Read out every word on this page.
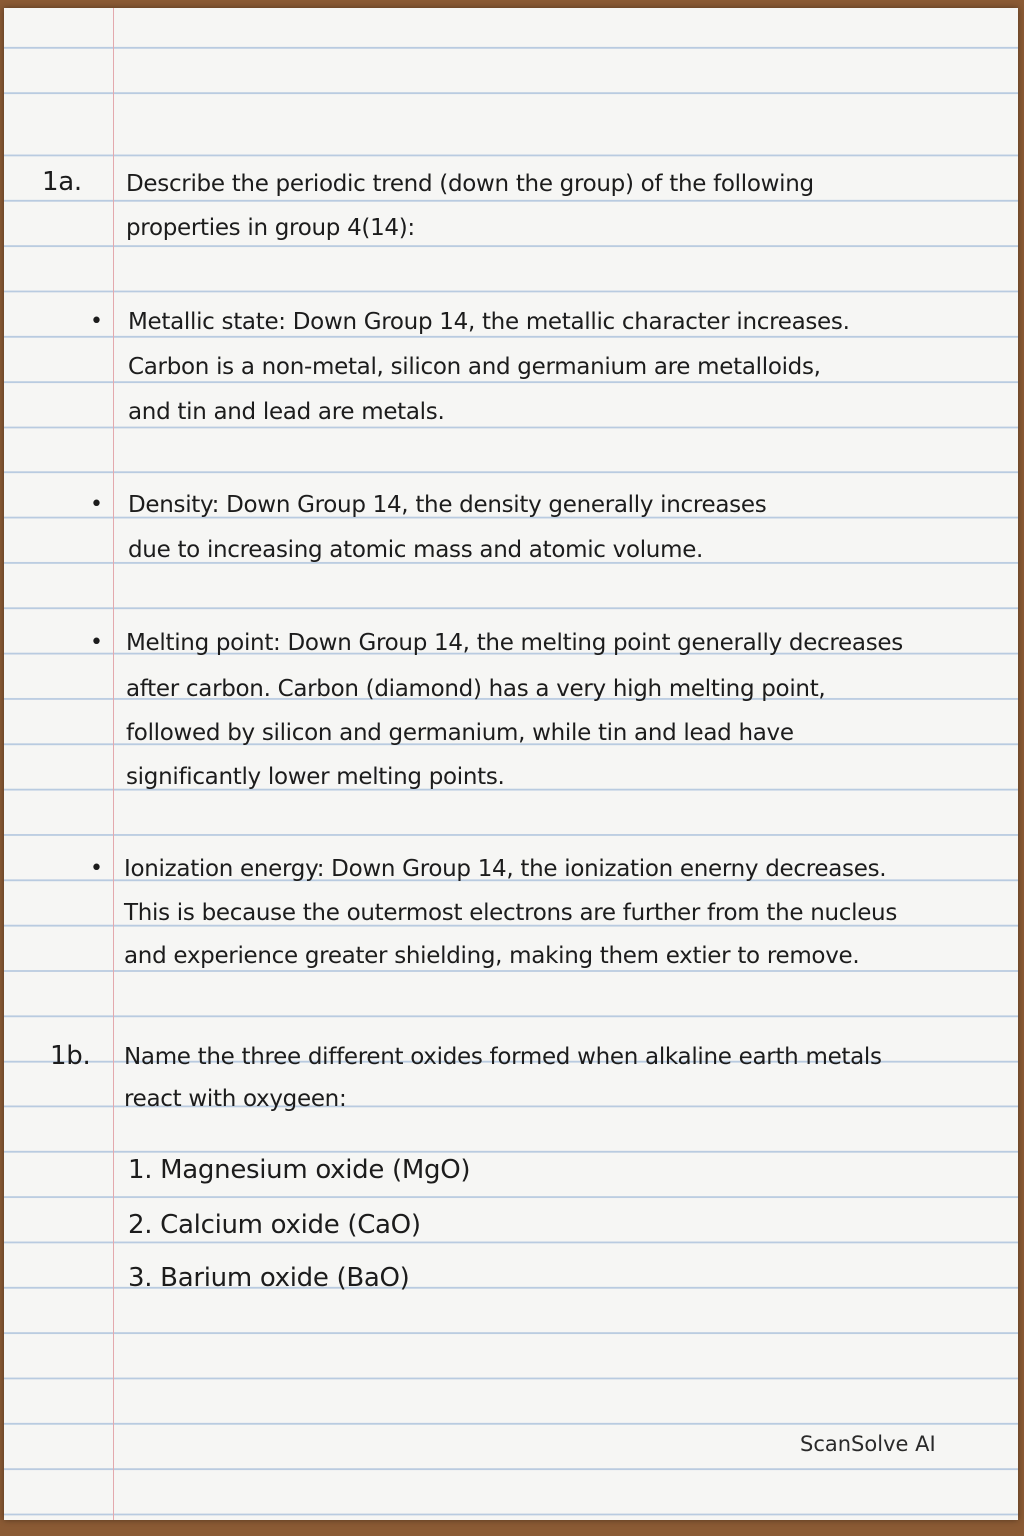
1a. Describe the periodic trend (down the group) of the following
properties in group 4(14):
• Metallic state: Down Group 14, the metallic character increases.
Carbon is a non-metal, silicon and germanium are metalloids,
and tin and lead are metals.
• Density: Down Group 14, the density generally increases
due to increasing atomic mass and atomic volume.
• Melting point: Down Group 14, the melting point generally decreases
after carbon. Carbon (diamond) has a very high melting point,
followed by silicon and germanium, while tin and lead have
significantly lower melting points.
• Ionization energy: Down Group 14, the ionization enerny decreases.
This is because the outermost electrons are further from the nucleus
and experience greater shielding, making them extier to remove.
1b. Name the three different oxides formed when alkaline earth metals
react with oxygeen:
1. Magnesium oxide (MgO)
2. Calcium oxide (CaO)
3. Barium oxide (BaO)
ScanSolve AI
